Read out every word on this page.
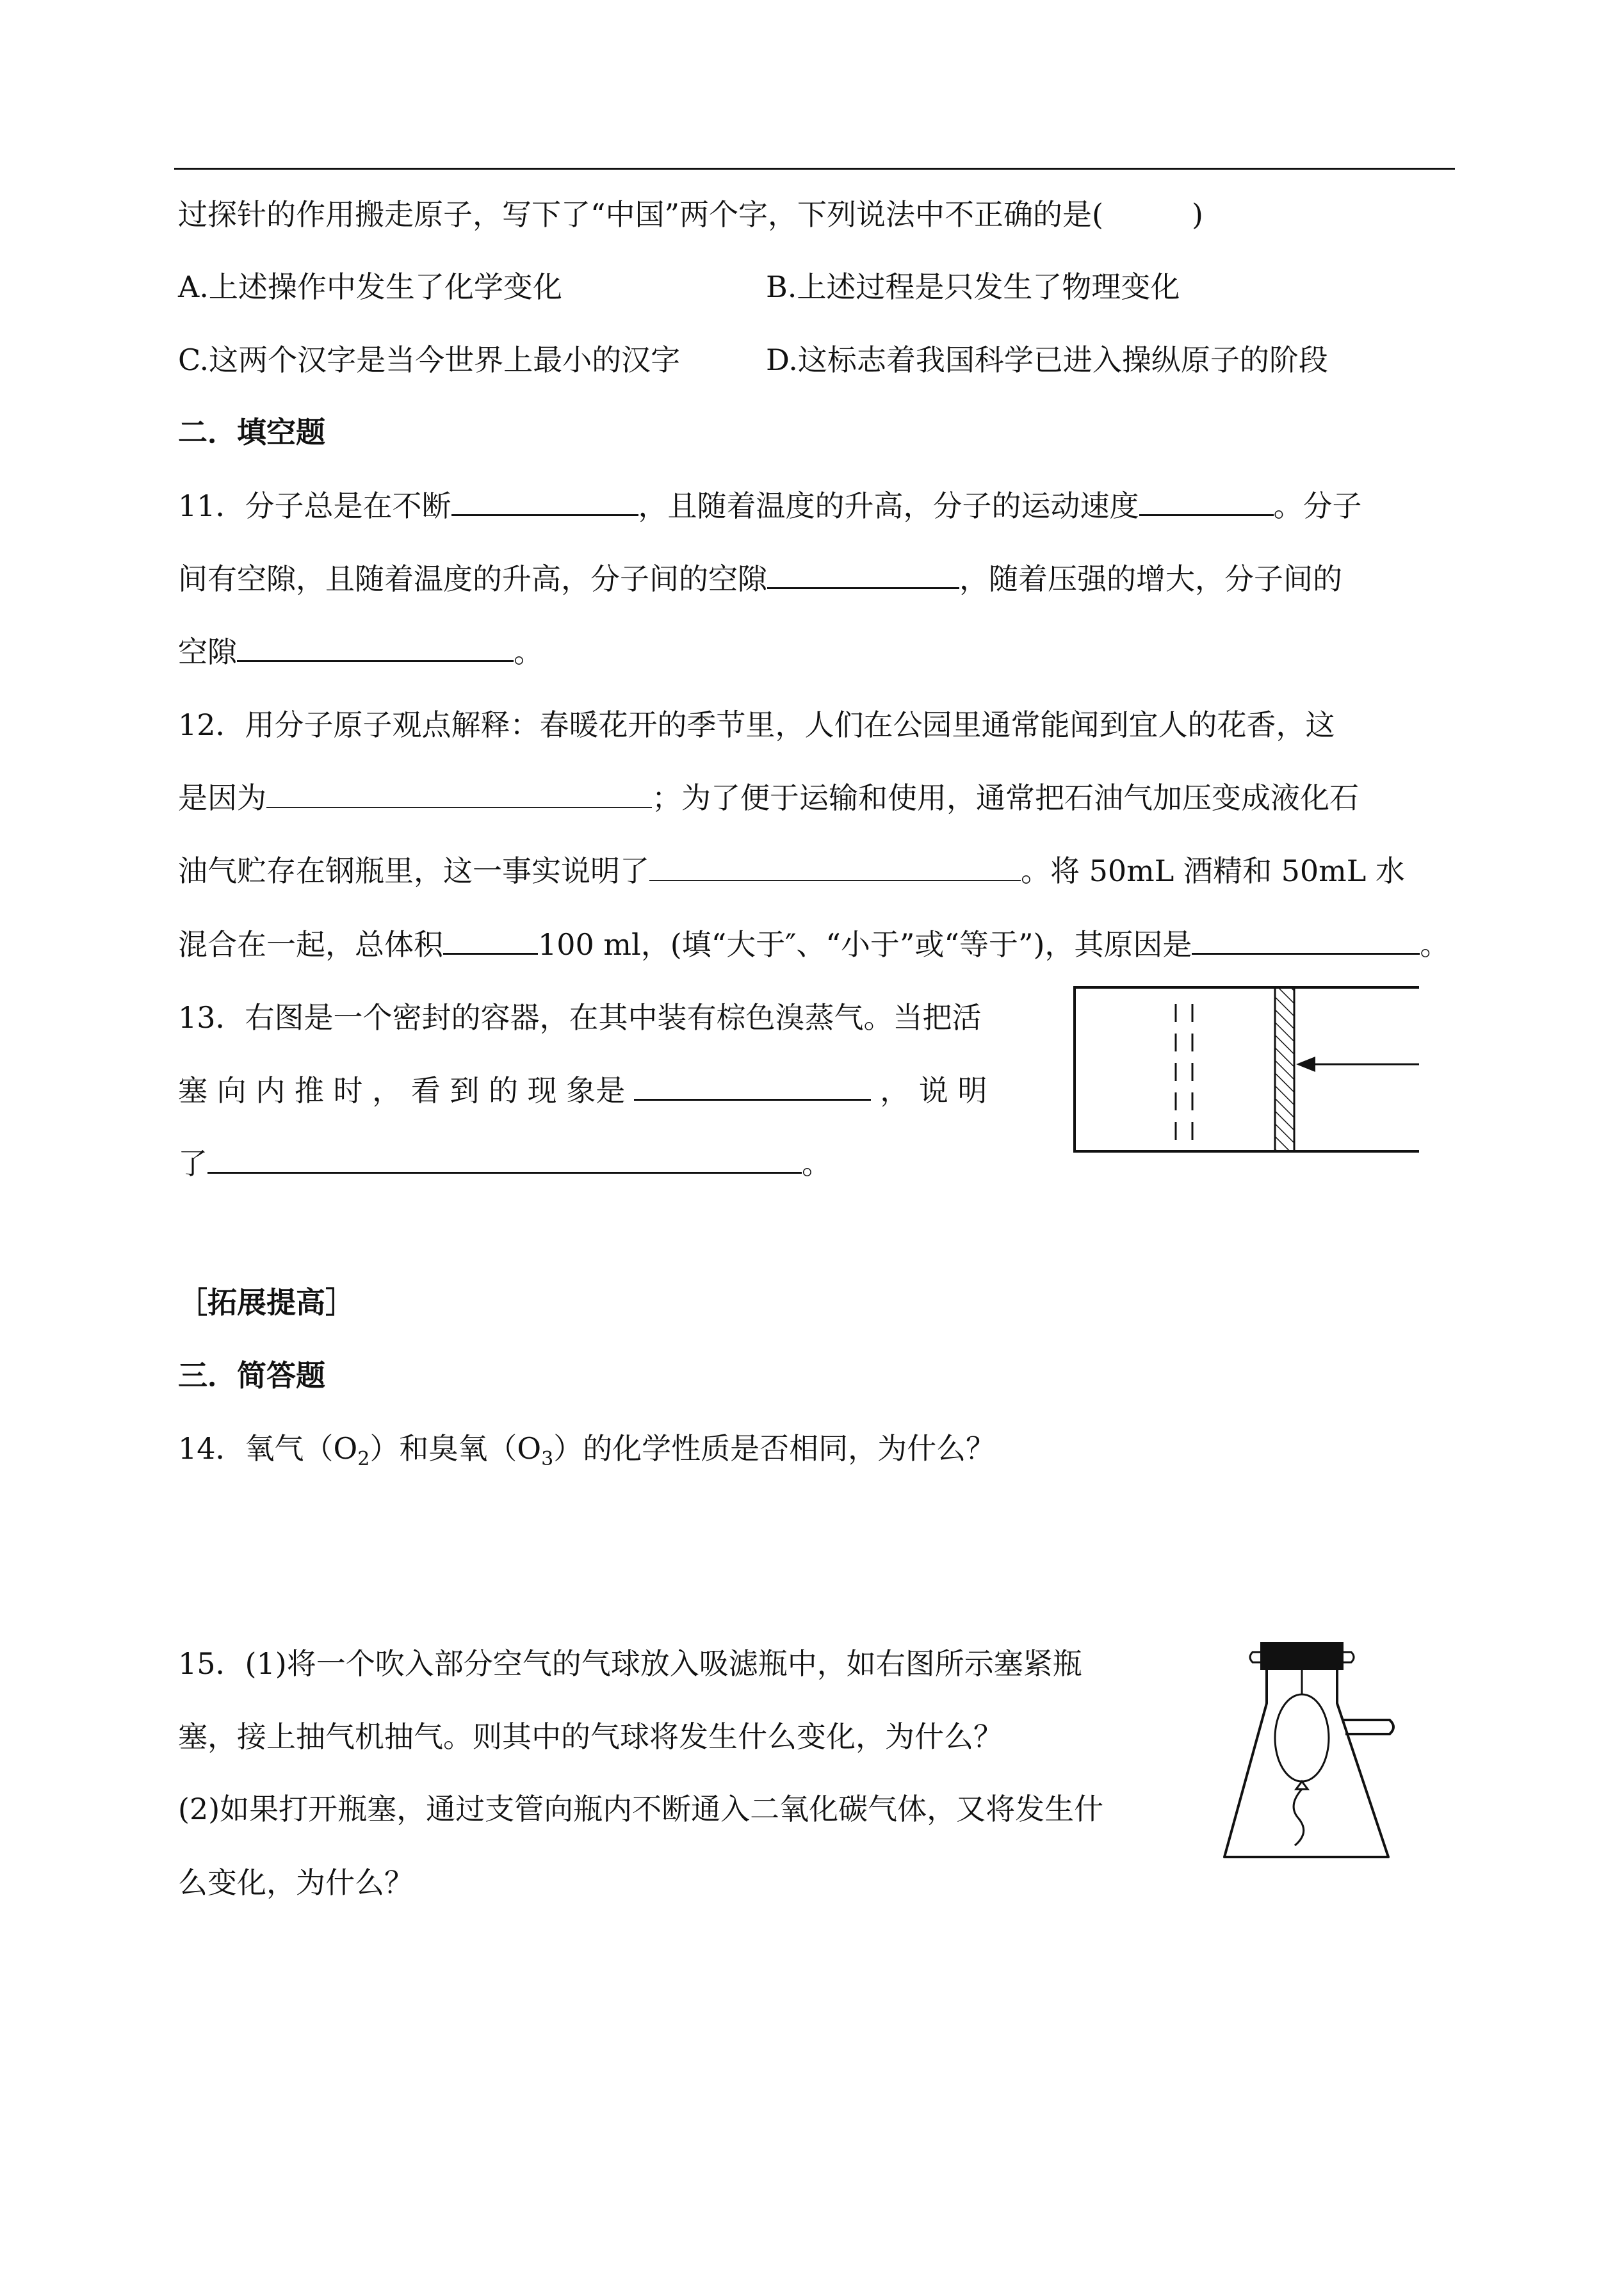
过探针的作用搬走原子，写下了“中国”两个字，下列说法中不正确的是(　　　)
A.上述操作中发生了化学变化	B.上述过程是只发生了物理变化
C.这两个汉字是当今世界上最小的汉字	D.这标志着我国科学已进入操纵原子的阶段
二．填空题
11．分子总是在不断	，且随着温度的升高，分子的运动速度	。分子
间有空隙，且随着温度的升高，分子间的空隙	，随着压强的增大，分子间的
空隙	。
12．用分子原子观点解释：春暖花开的季节里，人们在公园里通常能闻到宜人的花香，这
是因为	；为了便于运输和使用，通常把石油气加压变成液化石
油气贮存在钢瓶里，这一事实说明了	。将 50mL 酒精和 50mL 水
混合在一起，总体积	100 ml，(填“大于″、“小于”或“等于”)，其原因是	。
13．右图是一个密封的容器，在其中装有棕色溴蒸气。当把活
塞 向 内 推 时 ， 看 到 的 现 象是	， 说 明
了	。
［拓展提高］
三．简答题
14．氧气$(O_2)$和臭氧$(O_3)$的化学性质是否相同，为什么？
15．(1)将一个吹入部分空气的气球放入吸滤瓶中，如右图所示塞紧瓶
塞，接上抽气机抽气。则其中的气球将发生什么变化，为什么？
(2)如果打开瓶塞，通过支管向瓶内不断通入二氧化碳气体，又将发生什
么变化，为什么？
